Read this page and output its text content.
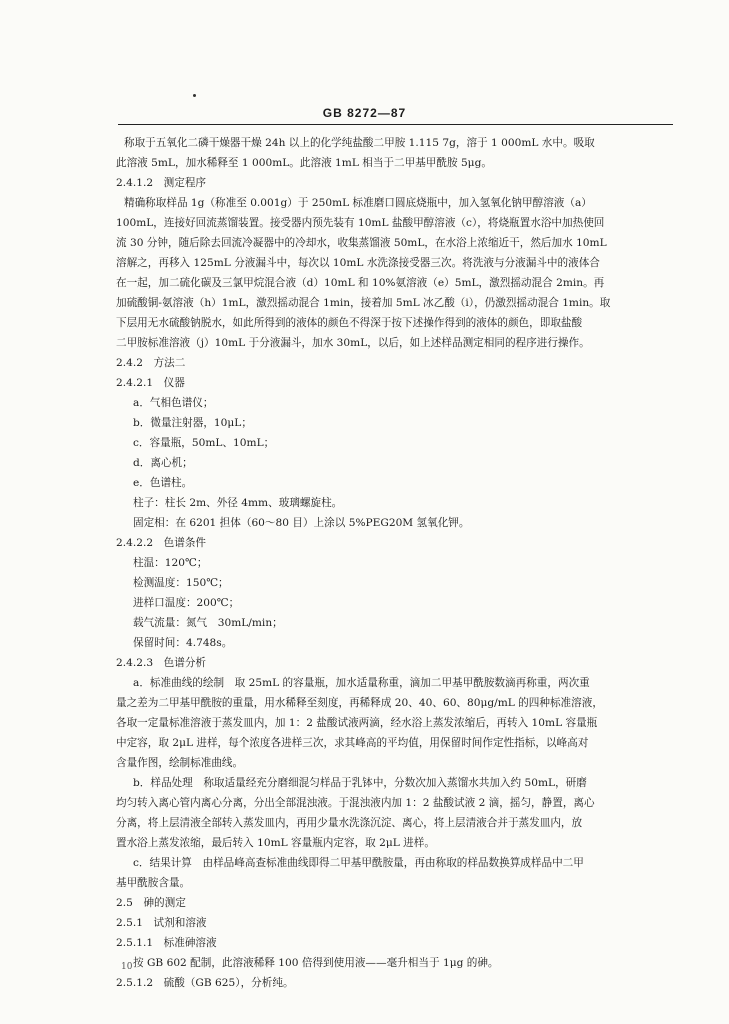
GB 8272—87
称取于五氧化二磷干燥器干燥 24h 以上的化学纯盐酸二甲胺 1.115 7g，溶于 1 000mL 水中。吸取
此溶液 5mL，加水稀释至 1 000mL。此溶液 1mL 相当于二甲基甲酰胺 5μg。
2.4.1.2　测定程序
精确称取样品 1g（称准至 0.001g）于 250mL 标准磨口圆底烧瓶中，加入氢氧化钠甲醇溶液（a）
100mL，连接好回流蒸馏装置。接受器内预先装有 10mL 盐酸甲醇溶液（c），将烧瓶置水浴中加热使回
流 30 分钟，随后除去回流冷凝器中的冷却水，收集蒸馏液 50mL，在水浴上浓缩近干，然后加水 10mL
溶解之，再移入 125mL 分液漏斗中，每次以 10mL 水洗涤接受器三次。将洗液与分液漏斗中的液体合
在一起，加二硫化碳及三氯甲烷混合液（d）10mL 和 10%氨溶液（e）5mL，激烈摇动混合 2min。再
加硫酸铜-氨溶液（h）1mL，激烈摇动混合 1min，接着加 5mL 冰乙酸（i），仍激烈摇动混合 1min。取
下层用无水硫酸钠脱水，如此所得到的液体的颜色不得深于按下述操作得到的液体的颜色，即取盐酸
二甲胺标准溶液（j）10mL 于分液漏斗，加水 30mL，以后，如上述样品测定相同的程序进行操作。
2.4.2　方法二
2.4.2.1　仪器
a．气相色谱仪；
b．微量注射器，10μL；
c．容量瓶，50mL、10mL；
d．离心机；
e．色谱柱。
柱子：柱长 2m、外径 4mm、玻璃螺旋柱。
固定相：在 6201 担体（60～80 目）上涂以 5%PEG20M 氢氧化钾。
2.4.2.2　色谱条件
柱温：120℃；
检测温度：150℃；
进样口温度：200℃；
载气流量：氮气　30mL/min；
保留时间：4.748s。
2.4.2.3　色谱分析
a．标准曲线的绘制　取 25mL 的容量瓶，加水适量称重，滴加二甲基甲酰胺数滴再称重，两次重
量之差为二甲基甲酰胺的重量，用水稀释至刻度，再稀释成 20、40、60、80μg/mL 的四种标准溶液，
各取一定量标准溶液于蒸发皿内，加 1：2 盐酸试液两滴，经水浴上蒸发浓缩后，再转入 10mL 容量瓶
中定容，取 2μL 进样，每个浓度各进样三次，求其峰高的平均值，用保留时间作定性指标，以峰高对
含量作图，绘制标准曲线。
b．样品处理　称取适量经充分磨细混匀样品于乳钵中，分数次加入蒸馏水共加入约 50mL，研磨
均匀转入离心管内离心分离，分出全部混浊液。于混浊液内加 1：2 盐酸试液 2 滴，摇匀，静置，离心
分离，将上层清液全部转入蒸发皿内，再用少量水洗涤沉淀、离心，将上层清液合并于蒸发皿内，放
置水浴上蒸发浓缩，最后转入 10mL 容量瓶内定容，取 2μL 进样。
c．结果计算　由样品峰高查标准曲线即得二甲基甲酰胺量，再由称取的样品数换算成样品中二甲
基甲酰胺含量。
2.5　砷的测定
2.5.1　试剂和溶液
2.5.1.1　标准砷溶液
按 GB 602 配制，此溶液稀释 100 倍得到使用液——毫升相当于 1μg 的砷。
2.5.1.2　硫酸（GB 625），分析纯。
10
